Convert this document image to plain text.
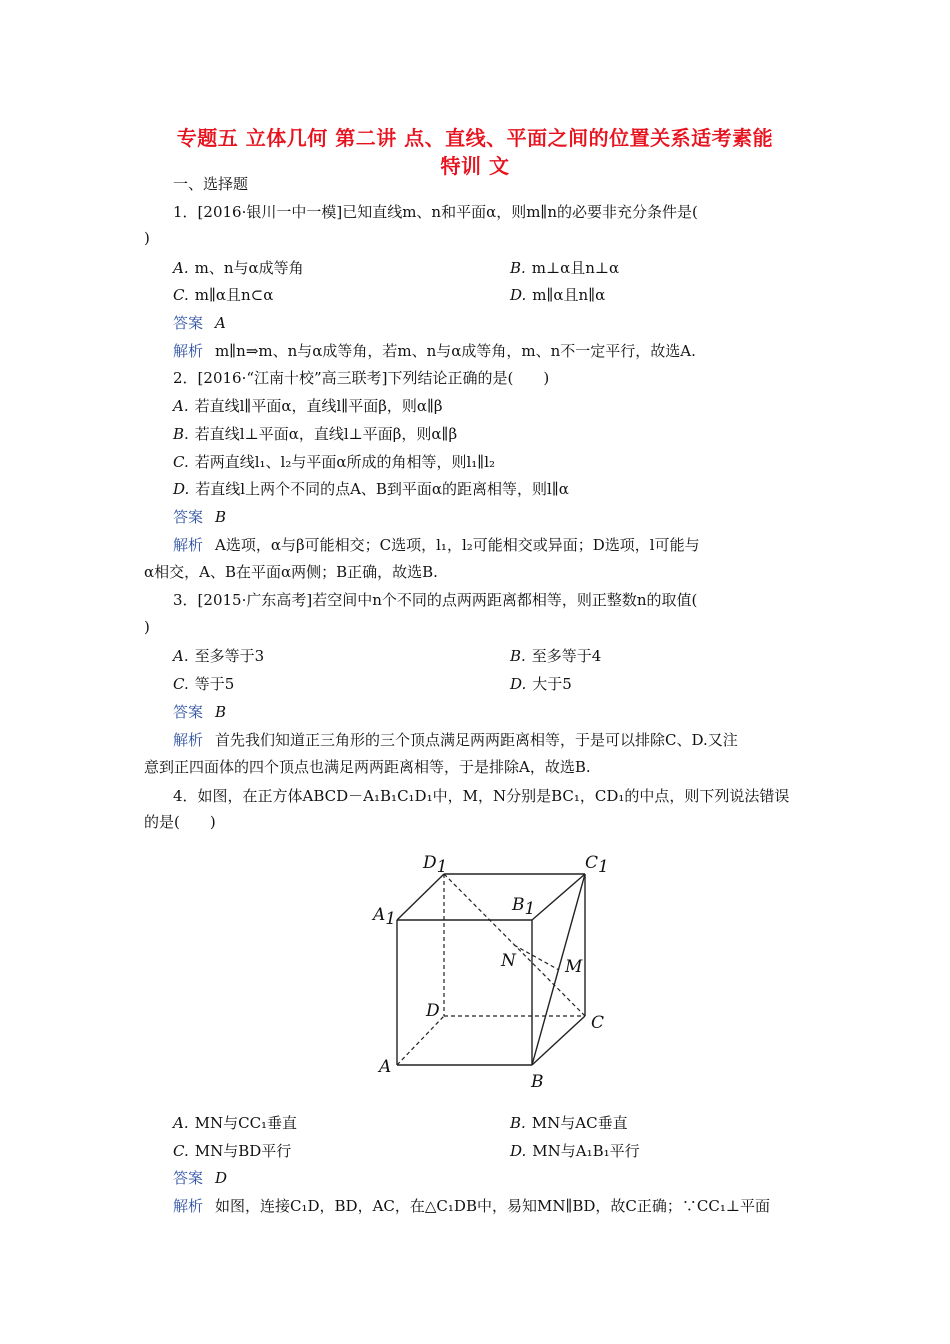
专题五 立体几何 第二讲 点、直线、平面之间的位置关系适考素能
特训 文
一、选择题
1．[2016·银川一中一模]已知直线m、n和平面α，则m∥n的必要非充分条件是(
)
A. m、n与α成等角	B. m⊥α且n⊥α
C. m∥α且n⊂α	D. m∥α且n∥α
答案 A
解析 m∥n⇒m、n与α成等角，若m、n与α成等角，m、n不一定平行，故选A.
2．[2016·“江南十校”高三联考]下列结论正确的是(　　)
A. 若直线l∥平面α，直线l∥平面β，则α∥β
B. 若直线l⊥平面α，直线l⊥平面β，则α∥β
C. 若两直线l₁、l₂与平面α所成的角相等，则l₁∥l₂
D. 若直线l上两个不同的点A、B到平面α的距离相等，则l∥α
答案 B
解析 A选项，α与β可能相交；C选项，l₁，l₂可能相交或异面；D选项，l可能与
α相交，A、B在平面α两侧；B正确，故选B.
3．[2015·广东高考]若空间中n个不同的点两两距离都相等，则正整数n的取值(
)
A. 至多等于3	B. 至多等于4
C. 等于5	D. 大于5
答案 B
解析 首先我们知道正三角形的三个顶点满足两两距离相等，于是可以排除C、D.又注
意到正四面体的四个顶点也满足两两距离相等，于是排除A，故选B.
4．如图，在正方体ABCD－A₁B₁C₁D₁中，M，N分别是BC₁，CD₁的中点，则下列说法错误
的是(　　)
A
B
C
D
A1
B1
C1
D1
M
N
A. MN与CC₁垂直	B. MN与AC垂直
C. MN与BD平行	D. MN与A₁B₁平行
答案 D
解析 如图，连接C₁D，BD，AC，在△C₁DB中，易知MN∥BD，故C正确；∵CC₁⊥平面
